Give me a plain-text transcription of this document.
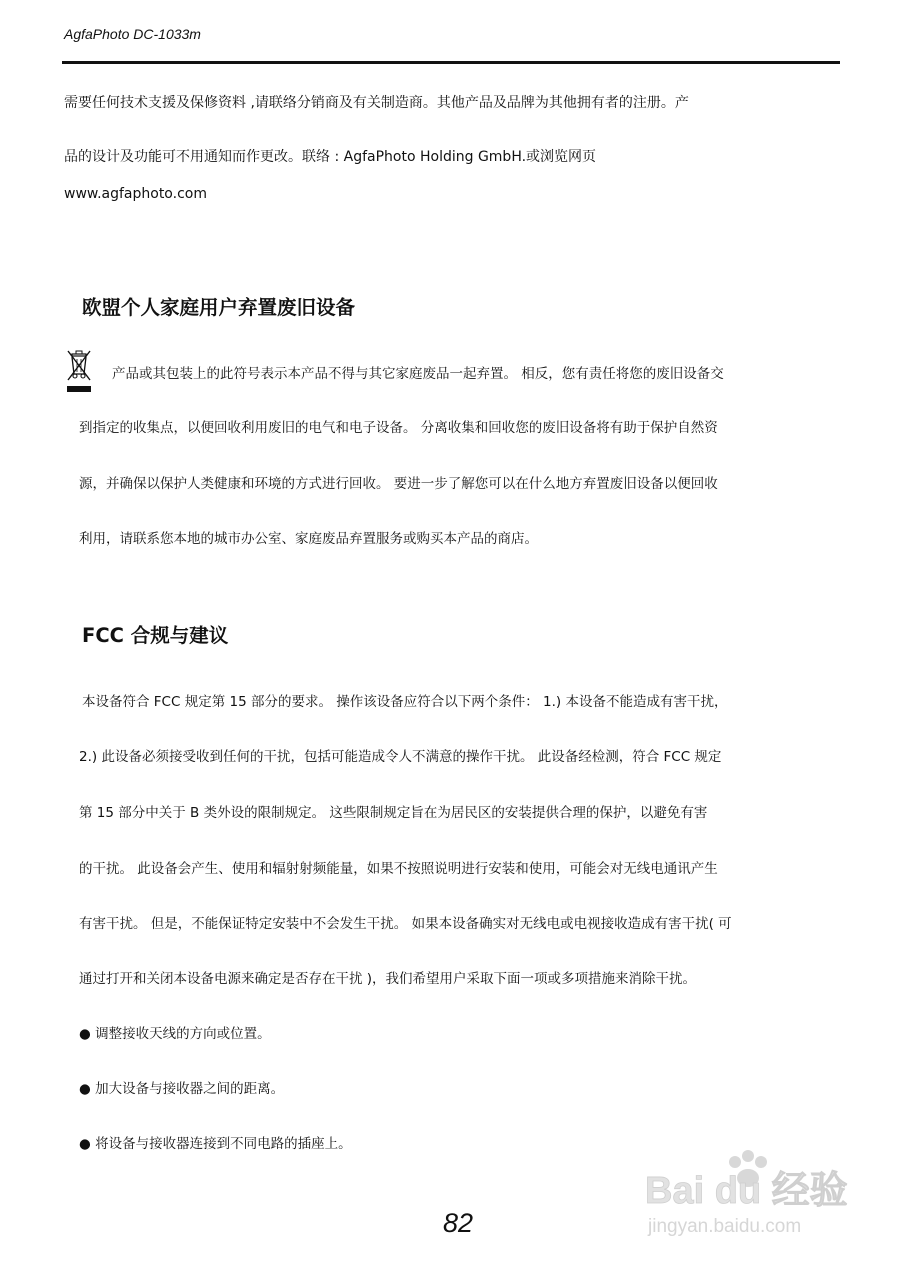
AgfaPhoto DC-1033m
需要任何技术支援及保修资料 ,请联络分销商及有关制造商。其他产品及品牌为其他拥有者的注册。产
品的设计及功能可不用通知而作更改。联络 : AgfaPhoto Holding GmbH.或浏览网页
www.agfaphoto.com
欧盟个人家庭用户弃置废旧设备
产品或其包装上的此符号表示本产品不得与其它家庭废品一起弃置。 相反，您有责任将您的废旧设备交
到指定的收集点，以便回收利用废旧的电气和电子设备。 分离收集和回收您的废旧设备将有助于保护自然资
源，并确保以保护人类健康和环境的方式进行回收。 要进一步了解您可以在什么地方弃置废旧设备以便回收
利用，请联系您本地的城市办公室、家庭废品弃置服务或购买本产品的商店。
FCC 合规与建议
本设备符合 FCC 规定第 15 部分的要求。 操作该设备应符合以下两个条件： 1.) 本设备不能造成有害干扰，
2.) 此设备必须接受收到任何的干扰，包括可能造成令人不满意的操作干扰。 此设备经检测，符合 FCC 规定
第 15 部分中关于 B 类外设的限制规定。 这些限制规定旨在为居民区的安装提供合理的保护，以避免有害
的干扰。 此设备会产生、使用和辐射射频能量，如果不按照说明进行安装和使用，可能会对无线电通讯产生
有害干扰。 但是，不能保证特定安装中不会发生干扰。 如果本设备确实对无线电或电视接收造成有害干扰( 可
通过打开和关闭本设备电源来确定是否存在干扰 )，我们希望用户采取下面一项或多项措施来消除干扰。
● 调整接收天线的方向或位置。
● 加大设备与接收器之间的距离。
● 将设备与接收器连接到不同电路的插座上。
82
Bai du 经验
jingyan.baidu.com
